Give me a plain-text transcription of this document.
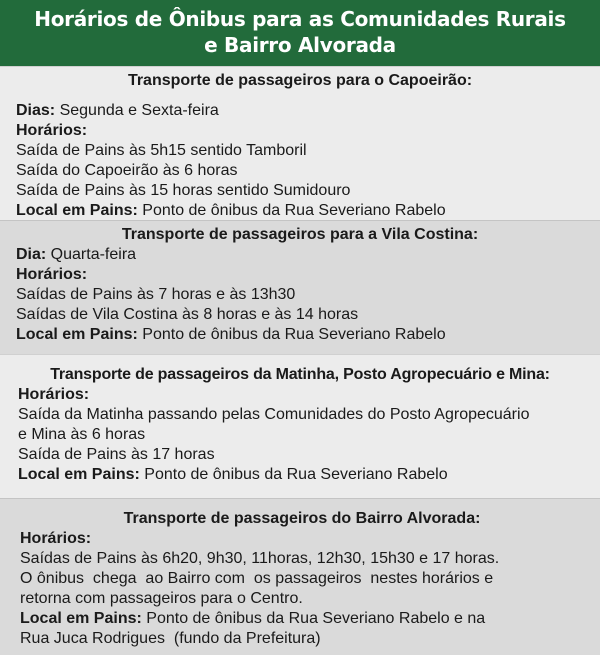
Horários de Ônibus para as Comunidades Rurais
e Bairro Alvorada
Transporte de passageiros para o Capoeirão:
Dias: Segunda e Sexta-feira
Horários:
Saída de Pains às 5h15 sentido Tamboril
Saída do Capoeirão às 6 horas
Saída de Pains às 15 horas sentido Sumidouro
Local em Pains: Ponto de ônibus da Rua Severiano Rabelo
Transporte de passageiros para a Vila Costina:
Dia: Quarta-feira
Horários:
Saídas de Pains às 7 horas e às 13h30
Saídas de Vila Costina às 8 horas e às 14 horas
Local em Pains: Ponto de ônibus da Rua Severiano Rabelo
Transporte de passageiros da Matinha, Posto Agropecuário e Mina:
Horários:
Saída da Matinha passando pelas Comunidades do Posto Agropecuário
e Mina às 6 horas
Saída de Pains às 17 horas
Local em Pains: Ponto de ônibus da Rua Severiano Rabelo
Transporte de passageiros do Bairro Alvorada:
Horários:
Saídas de Pains às 6h20, 9h30, 11horas, 12h30, 15h30 e 17 horas.
O ônibus  chega  ao Bairro com  os passageiros  nestes horários e
retorna com passageiros para o Centro.
Local em Pains: Ponto de ônibus da Rua Severiano Rabelo e na
Rua Juca Rodrigues  (fundo da Prefeitura)
